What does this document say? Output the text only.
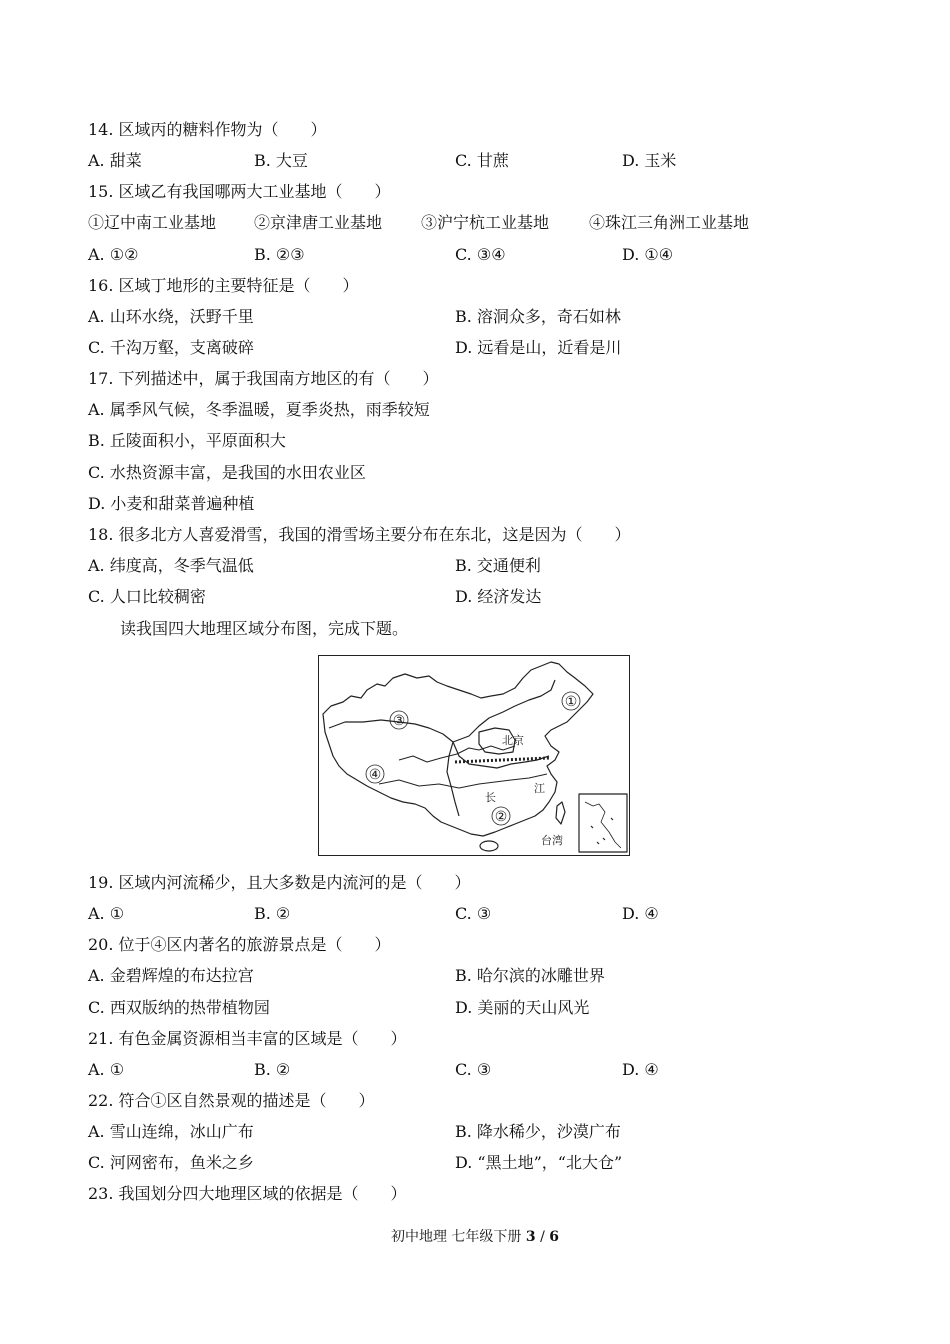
14. 区域丙的糖料作物为（　　）
A. 甜菜	B. 大豆	C. 甘蔗	D. 玉米
15. 区域乙有我国哪两大工业基地（　　）
①辽中南工业基地 ②京津唐工业基地 ③沪宁杭工业基地 ④珠江三角洲工业基地
A. ①②	B. ②③	C. ③④	D. ①④
16. 区域丁地形的主要特征是（　　）
A. 山环水绕，沃野千里	B. 溶洞众多，奇石如林
C. 千沟万壑，支离破碎	D. 远看是山，近看是川
17. 下列描述中，属于我国南方地区的有（　　）
A. 属季风气候，冬季温暖，夏季炎热，雨季较短
B. 丘陵面积小，平原面积大
C. 水热资源丰富，是我国的水田农业区
D. 小麦和甜菜普遍种植
18. 很多北方人喜爱滑雪，我国的滑雪场主要分布在东北，这是因为（　　）
A. 纬度高，冬季气温低	B. 交通便利
C. 人口比较稠密	D. 经济发达
读我国四大地理区域分布图，完成下题。
①
②
③
④
北京
长
江
台湾
19. 区域内河流稀少，且大多数是内流河的是（　　）
A. ①	B. ②	C. ③	D. ④
20. 位于④区内著名的旅游景点是（　　）
A. 金碧辉煌的布达拉宫	B. 哈尔滨的冰雕世界
C. 西双版纳的热带植物园	D. 美丽的天山风光
21. 有色金属资源相当丰富的区域是（　　）
A. ①	B. ②	C. ③	D. ④
22. 符合①区自然景观的描述是（　　）
A. 雪山连绵，冰山广布	B. 降水稀少，沙漠广布
C. 河网密布，鱼米之乡	D. “黑土地”，“北大仓”
23. 我国划分四大地理区域的依据是（　　）
初中地理 七年级下册 3 / 6
